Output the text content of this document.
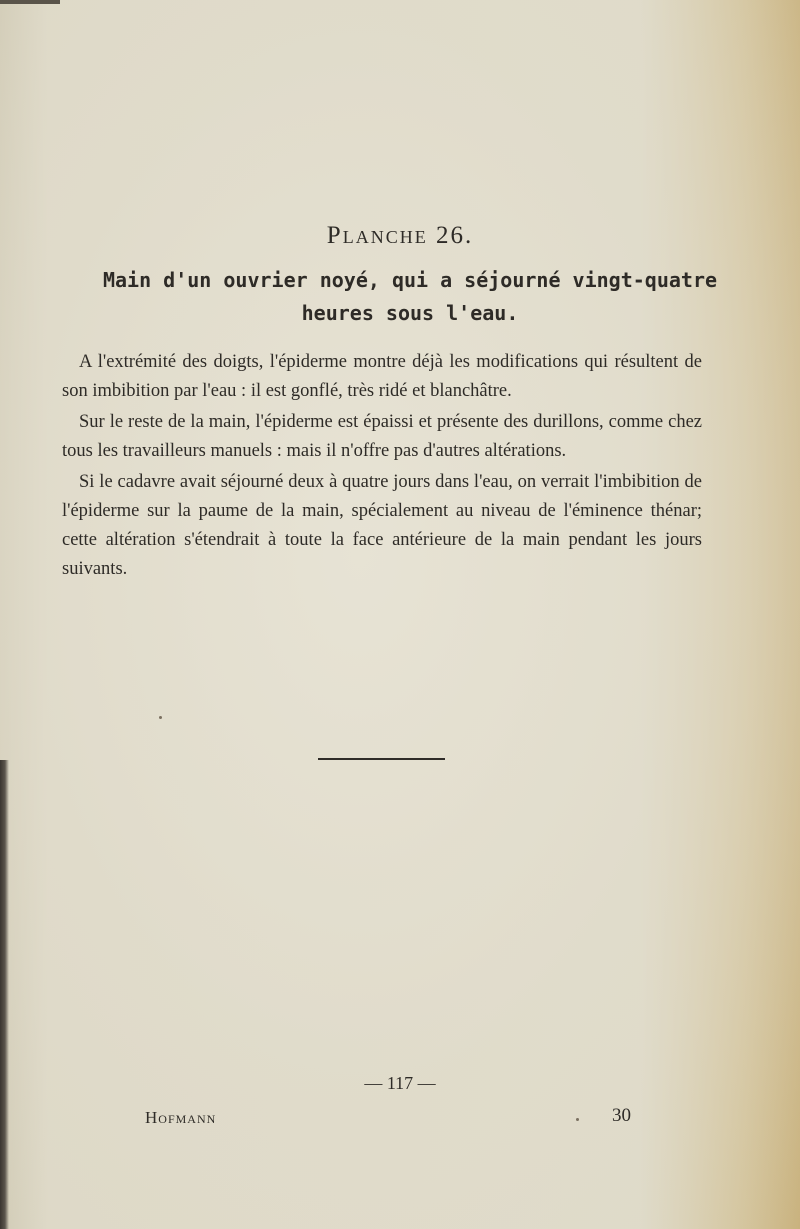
Planche 26.
Main d'un ouvrier noyé, qui a séjourné vingt-quatre heures sous l'eau.

A l'extrémité des doigts, l'épiderme montre déjà les modifications qui résultent de son imbibition par l'eau : il est gonflé, très ridé et blanchâtre.

Sur le reste de la main, l'épiderme est épaissi et présente des durillons, comme chez tous les travailleurs manuels : mais il n'offre pas d'autres altérations.

Si le cadavre avait séjourné deux à quatre jours dans l'eau, on verrait l'imbibition de l'épiderme sur la paume de la main, spécialement au niveau de l'éminence thénar; cette altération s'étendrait à toute la face antérieure de la main pendant les jours suivants.

— 117 —
Hofmann	30
